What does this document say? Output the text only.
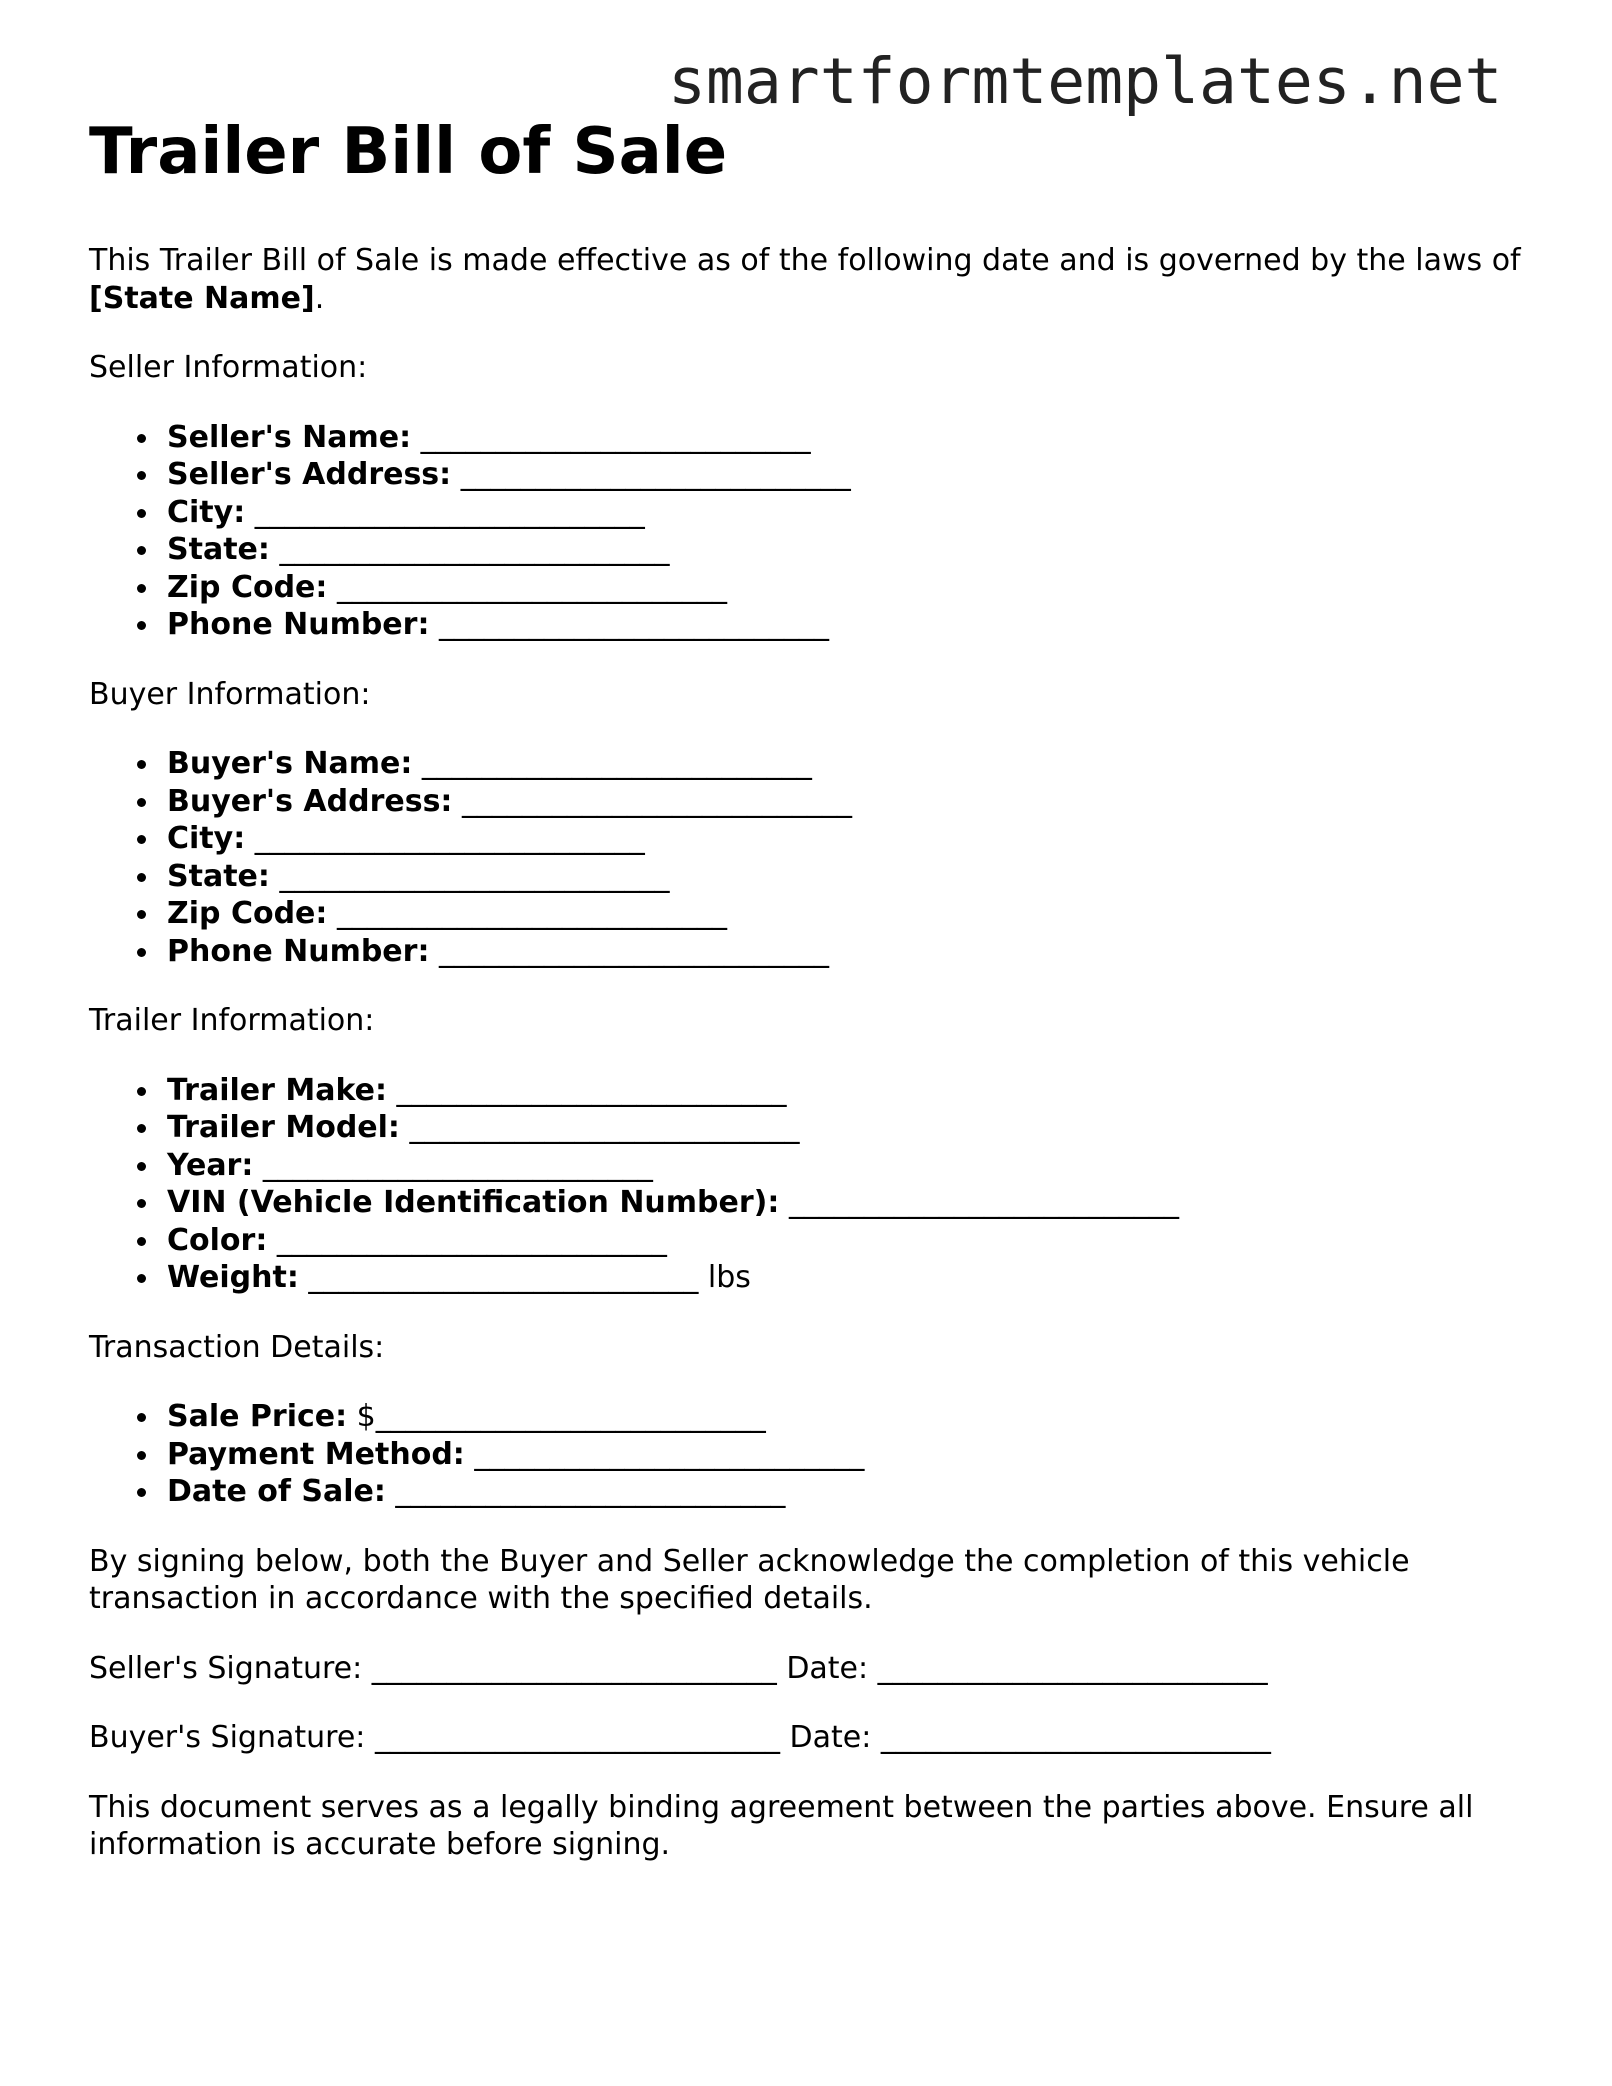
smartformtemplates.net
Trailer Bill of Sale

This Trailer Bill of Sale is made effective as of the following date and is governed by the laws of [State Name].

Seller Information:

Seller's Name: __________________________
Seller's Address: __________________________
City: __________________________
State: __________________________
Zip Code: __________________________
Phone Number: __________________________

Buyer Information:

Buyer's Name: __________________________
Buyer's Address: __________________________
City: __________________________
State: __________________________
Zip Code: __________________________
Phone Number: __________________________

Trailer Information:

Trailer Make: __________________________
Trailer Model: __________________________
Year: __________________________
VIN (Vehicle Identification Number): __________________________
Color: __________________________
Weight: __________________________ lbs

Transaction Details:

Sale Price: $__________________________
Payment Method: __________________________
Date of Sale: __________________________

By signing below, both the Buyer and Seller acknowledge the completion of this vehicle transaction in accordance with the specified details.

Seller's Signature: ___________________________ Date: __________________________

Buyer's Signature: ___________________________ Date: __________________________

This document serves as a legally binding agreement between the parties above. Ensure all information is accurate before signing.
